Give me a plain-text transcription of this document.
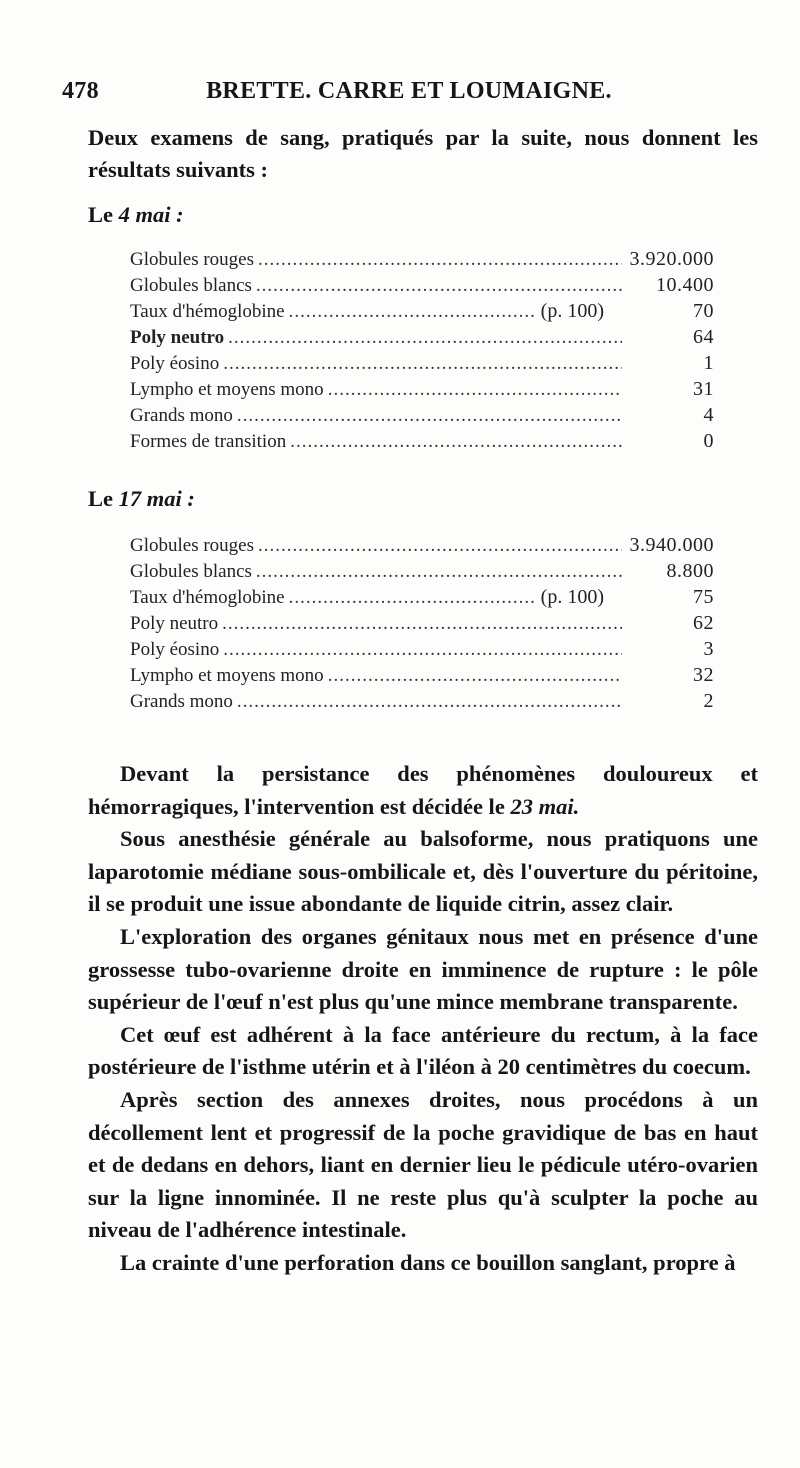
478	BRETTE. CARRE ET LOUMAIGNE.
Deux examens de sang, pratiqués par la suite, nous donnent les résultats suivants :
Le 4 mai :
Globules rouges .....	3.920.000
Globules blancs .....	10.400
Taux d'hémoglobine .....	(p. 100)	70
Poly neutro .....	64
Poly éosino .....	1
Lympho et moyens mono .....	31
Grands mono .....	4
Formes de transition .....	0
Le 17 mai :
Globules rouges .....	3.940.000
Globules blancs .....	8.800
Taux d'hémoglobine .....	(p. 100)	75
Poly neutro .....	62
Poly éosino .....	3
Lympho et moyens mono .....	32
Grands mono .....	2

Devant la persistance des phénomènes douloureux et hémorragiques, l'intervention est décidée le 23 mai.

Sous anesthésie générale au balsoforme, nous pratiquons une laparotomie médiane sous-ombilicale et, dès l'ouverture du péritoine, il se produit une issue abondante de liquide citrin, assez clair.

L'exploration des organes génitaux nous met en présence d'une grossesse tubo-ovarienne droite en imminence de rupture : le pôle supérieur de l'œuf n'est plus qu'une mince membrane transparente.

Cet œuf est adhérent à la face antérieure du rectum, à la face postérieure de l'isthme utérin et à l'iléon à 20 centimètres du coecum.

Après section des annexes droites, nous procédons à un décollement lent et progressif de la poche gravidique de bas en haut et de dedans en dehors, liant en dernier lieu le pédicule utéro-ovarien sur la ligne innominée. Il ne reste plus qu'à sculpter la poche au niveau de l'adhérence intestinale.

La crainte d'une perforation dans ce bouillon sanglant, propre à
